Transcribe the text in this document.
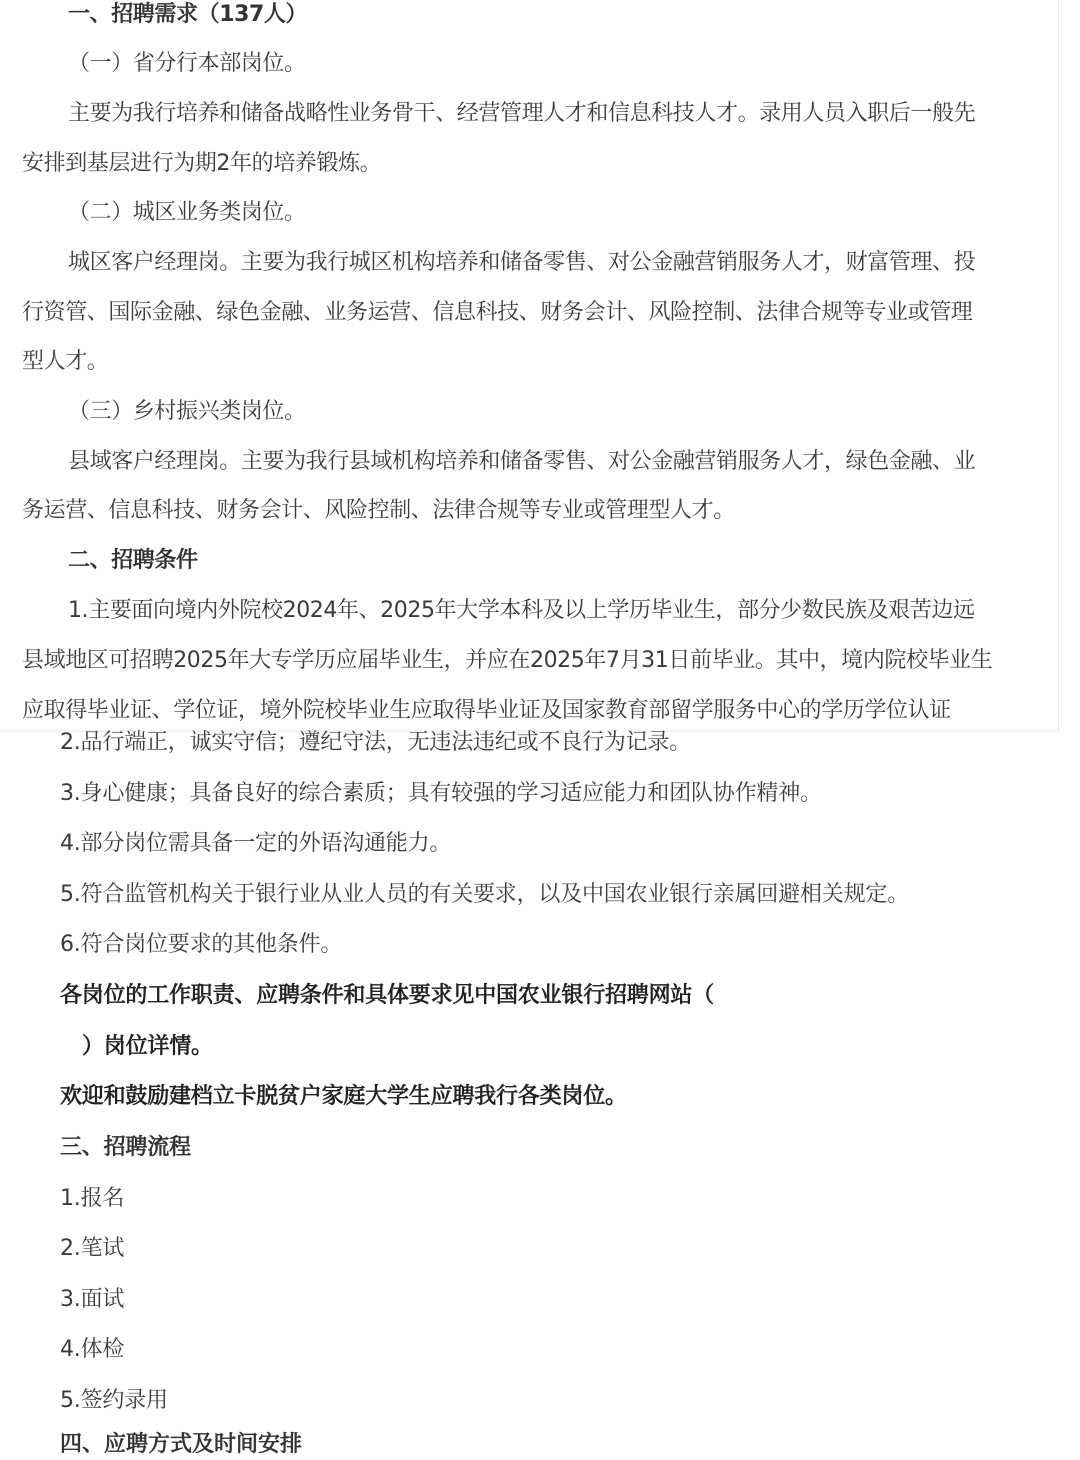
一、招聘需求（137人）
（一）省分行本部岗位。
主要为我行培养和储备战略性业务骨干、经营管理人才和信息科技人才。录用人员入职后一般先
安排到基层进行为期2年的培养锻炼。
（二）城区业务类岗位。
城区客户经理岗。主要为我行城区机构培养和储备零售、对公金融营销服务人才，财富管理、投
行资管、国际金融、绿色金融、业务运营、信息科技、财务会计、风险控制、法律合规等专业或管理
型人才。
（三）乡村振兴类岗位。
县域客户经理岗。主要为我行县域机构培养和储备零售、对公金融营销服务人才，绿色金融、业
务运营、信息科技、财务会计、风险控制、法律合规等专业或管理型人才。
二、招聘条件
1.主要面向境内外院校2024年、2025年大学本科及以上学历毕业生，部分少数民族及艰苦边远
县域地区可招聘2025年大专学历应届毕业生，并应在2025年7月31日前毕业。其中，境内院校毕业生
应取得毕业证、学位证，境外院校毕业生应取得毕业证及国家教育部留学服务中心的学历学位认证
2.品行端正，诚实守信；遵纪守法，无违法违纪或不良行为记录。
3.身心健康；具备良好的综合素质；具有较强的学习适应能力和团队协作精神。
4.部分岗位需具备一定的外语沟通能力。
5.符合监管机构关于银行业从业人员的有关要求，以及中国农业银行亲属回避相关规定。
6.符合岗位要求的其他条件。
各岗位的工作职责、应聘条件和具体要求见中国农业银行招聘网站（
）岗位详情。
欢迎和鼓励建档立卡脱贫户家庭大学生应聘我行各类岗位。
三、招聘流程
1.报名
2.笔试
3.面试
4.体检
5.签约录用
四、应聘方式及时间安排
